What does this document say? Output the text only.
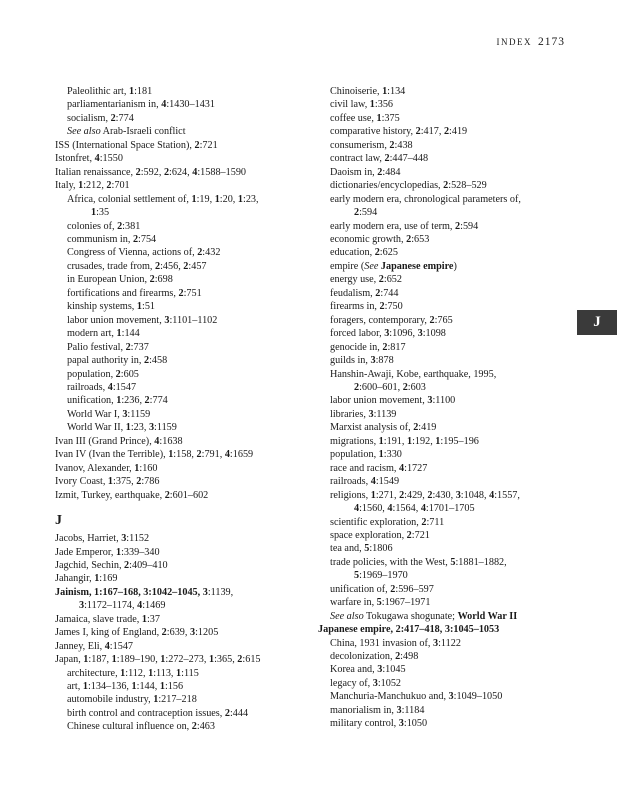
INDEX 2173
Paleolithic art, 1:181
parliamentarianism in, 4:1430–1431
socialism, 2:774
See also Arab-Israeli conflict
ISS (International Space Station), 2:721
Istonfret, 4:1550
Italian renaissance, 2:592, 2:624, 4:1588–1590
Italy, 1:212, 2:701
Africa, colonial settlement of, 1:19, 1:20, 1:23,
1:35
colonies of, 2:381
communism in, 2:754
Congress of Vienna, actions of, 2:432
crusades, trade from, 2:456, 2:457
in European Union, 2:698
fortifications and firearms, 2:751
kinship systems, 1:51
labor union movement, 3:1101–1102
modern art, 1:144
Palio festival, 2:737
papal authority in, 2:458
population, 2:605
railroads, 4:1547
unification, 1:236, 2:774
World War I, 3:1159
World War II, 1:23, 3:1159
Ivan III (Grand Prince), 4:1638
Ivan IV (Ivan the Terrible), 1:158, 2:791, 4:1659
Ivanov, Alexander, 1:160
Ivory Coast, 1:375, 2:786
Izmit, Turkey, earthquake, 2:601–602
J
Jacobs, Harriet, 3:1152
Jade Emperor, 1:339–340
Jagchid, Sechin, 2:409–410
Jahangir, 1:169
Jainism, 1:167–168, 3:1042–1045, 3:1139,
3:1172–1174, 4:1469
Jamaica, slave trade, 1:37
James I, king of England, 2:639, 3:1205
Janney, Eli, 4:1547
Japan, 1:187, 1:189–190, 1:272–273, 1:365, 2:615
architecture, 1:112, 1:113, 1:115
art, 1:134–136, 1:144, 1:156
automobile industry, 1:217–218
birth control and contraception issues, 2:444
Chinese cultural influence on, 2:463
Chinoiserie, 1:134
civil law, 1:356
coffee use, 1:375
comparative history, 2:417, 2:419
consumerism, 2:438
contract law, 2:447–448
Daoism in, 2:484
dictionaries/encyclopedias, 2:528–529
early modern era, chronological parameters of,
2:594
early modern era, use of term, 2:594
economic growth, 2:653
education, 2:625
empire (See Japanese empire)
energy use, 2:652
feudalism, 2:744
firearms in, 2:750
foragers, contemporary, 2:765
forced labor, 3:1096, 3:1098
genocide in, 2:817
guilds in, 3:878
Hanshin-Awaji, Kobe, earthquake, 1995,
2:600–601, 2:603
labor union movement, 3:1100
libraries, 3:1139
Marxist analysis of, 2:419
migrations, 1:191, 1:192, 1:195–196
population, 1:330
race and racism, 4:1727
railroads, 4:1549
religions, 1:271, 2:429, 2:430, 3:1048, 4:1557,
4:1560, 4:1564, 4:1701–1705
scientific exploration, 2:711
space exploration, 2:721
tea and, 5:1806
trade policies, with the West, 5:1881–1882,
5:1969–1970
unification of, 2:596–597
warfare in, 5:1967–1971
See also Tokugawa shogunate; World War II
Japanese empire, 2:417–418, 3:1045–1053
China, 1931 invasion of, 3:1122
decolonization, 2:498
Korea and, 3:1045
legacy of, 3:1052
Manchuria-Manchukuo and, 3:1049–1050
manorialism in, 3:1184
military control, 3:1050
J
